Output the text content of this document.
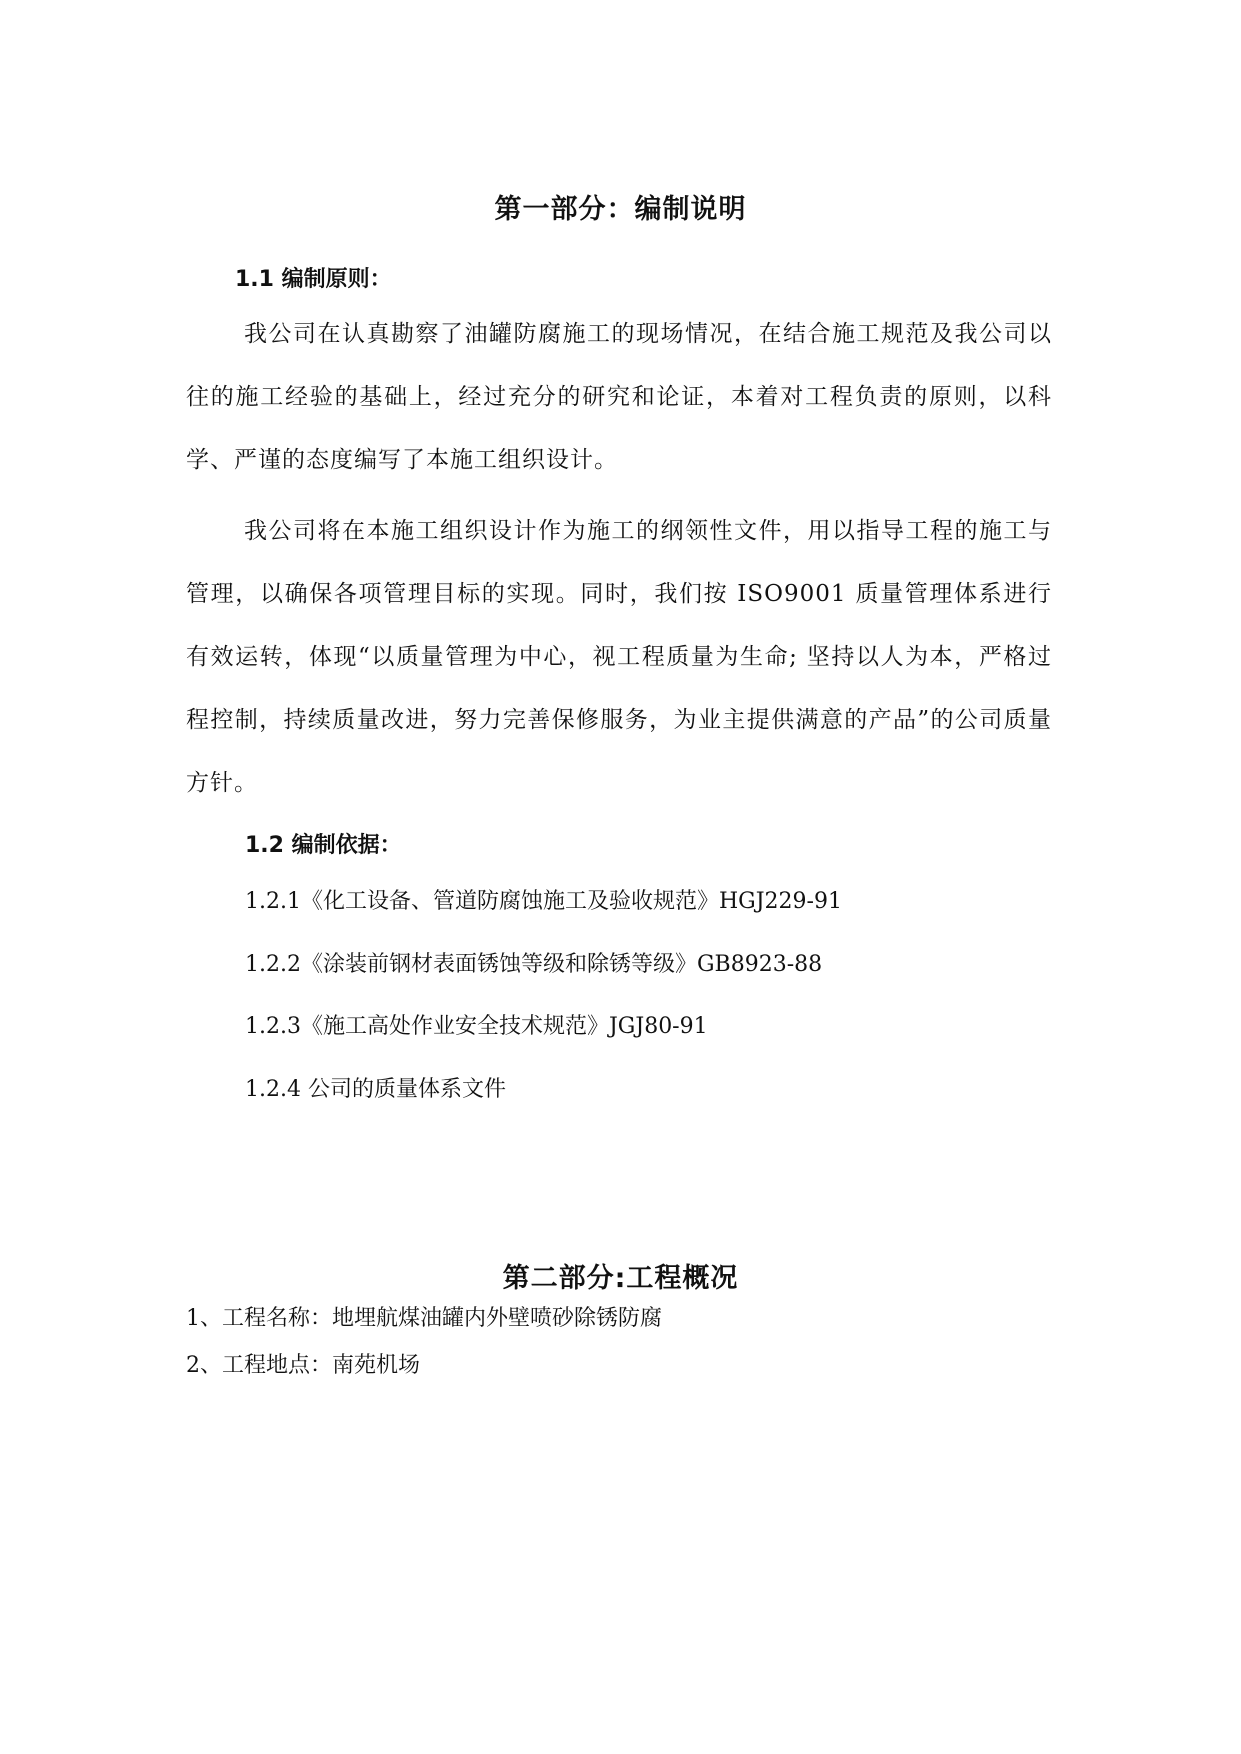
第一部分：编制说明
1.1 编制原则：
我公司在认真勘察了油罐防腐施工的现场情况，在结合施工规范及我公司以往的施工经验的基础上，经过充分的研究和论证，本着对工程负责的原则，以科学、严谨的态度编写了本施工组织设计。
我公司将在本施工组织设计作为施工的纲领性文件，用以指导工程的施工与管理，以确保各项管理目标的实现。同时，我们按 ISO9001 质量管理体系进行有效运转，体现“以质量管理为中心，视工程质量为生命; 坚持以人为本，严格过程控制，持续质量改进，努力完善保修服务，为业主提供满意的产品”的公司质量方针。
1.2 编制依据：
1.2.1《化工设备、管道防腐蚀施工及验收规范》HGJ229-91
1.2.2《涂装前钢材表面锈蚀等级和除锈等级》GB8923-88
1.2.3《施工高处作业安全技术规范》JGJ80-91
1.2.4 公司的质量体系文件
第二部分:工程概况
1、工程名称：地埋航煤油罐内外壁喷砂除锈防腐
2、工程地点：南苑机场
